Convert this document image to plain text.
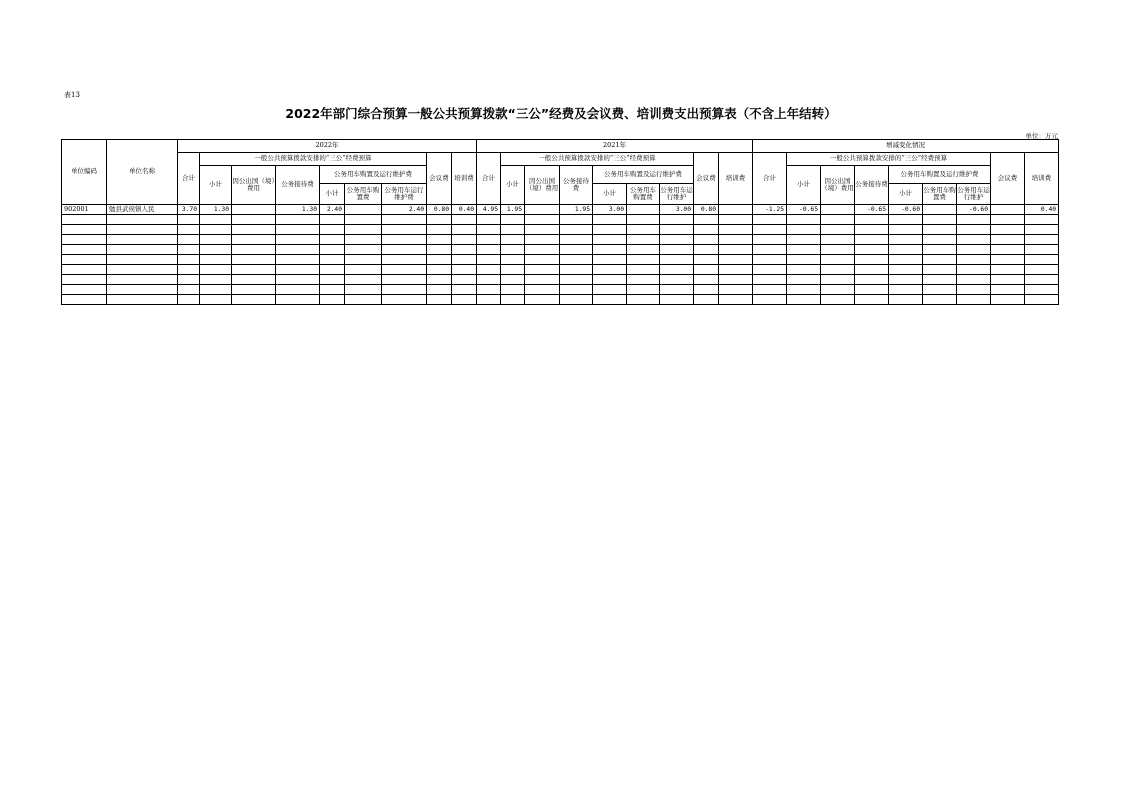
表13
2022年部门综合预算一般公共预算拨款“三公”经费及会议费、培训费支出预算表（不含上年结转）
单位：万元
单位编码	单位名称	2022年									2021年									增减变化情况								
		合计	一般公共预算拨款安排的“三公”经费预算						会议费	培训费	合计	一般公共预算拨款安排的“三公”经费预算						会议费	培训费	合计	一般公共预算拨款安排的“三公”经费预算						会议费	培训费
			小计	因公出国（境）费用	公务接待费	公务用车购置及运行维护费						小计	因公出国（境）费用	公务接待费	公务用车购置及运行维护费						小计	因公出国（境）费用	公务接待费	公务用车购置及运行维护费				
						小计	公务用车购置费	公务用车运行维护费							小计	公务用车购置费	公务用车运行维护							小计	公务用车购置费	公务用车运行维护		
902001	勉县武侯镇人民	3.70	1.30		1.30	2.40		2.40	0.80	0.40	4.95	1.95		1.95	3.00		3.00	0.80		-1.25	-0.65		-0.65	-0.60		-0.60		0.40
